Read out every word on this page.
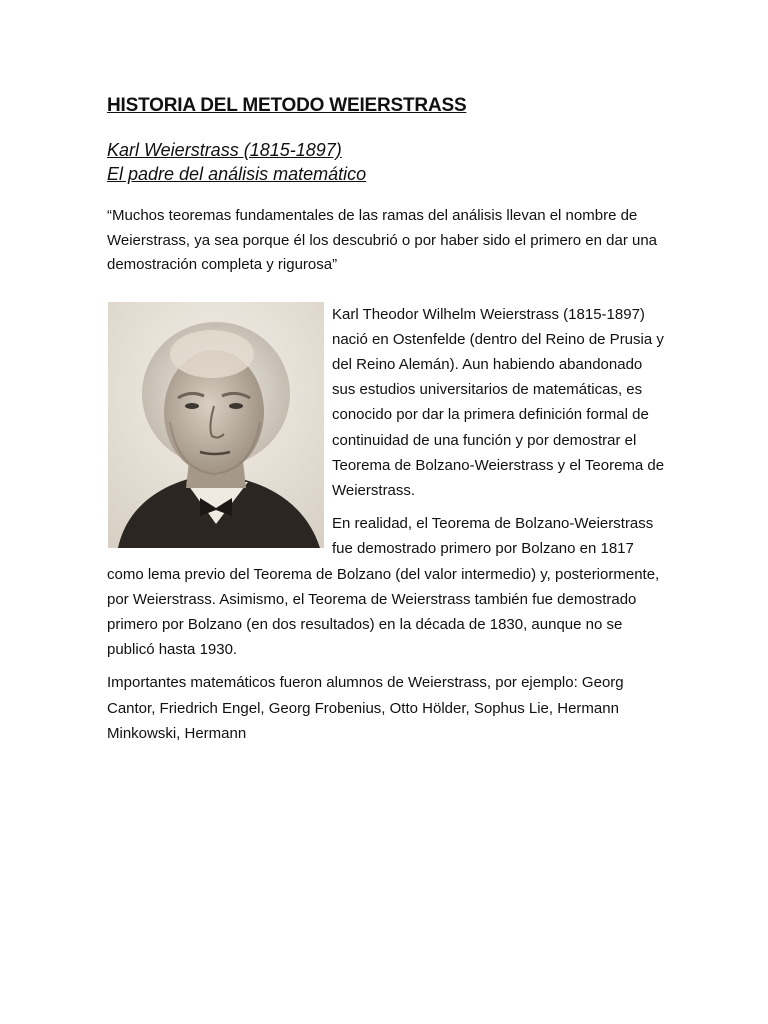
HISTORIA DEL METODO WEIERSTRASS
Karl Weierstrass (1815-1897)
El padre del análisis matemático

“Muchos teoremas fundamentales de las ramas del análisis llevan el nombre de Weierstrass, ya sea porque él los descubrió o por haber sido el primero en dar una demostración completa y rigurosa”

Karl Theodor Wilhelm Weierstrass (1815-1897) nació en Ostenfelde (dentro del Reino de Prusia y del Reino Alemán). Aun habiendo abandonado sus estudios universitarios de matemáticas, es conocido por dar la primera definición formal de continuidad de una función y por demostrar el Teorema de Bolzano-Weierstrass y el Teorema de Weierstrass.

En realidad, el Teorema de Bolzano-Weierstrass fue demostrado primero por Bolzano en 1817 como lema previo del Teorema de Bolzano (del valor intermedio) y, posteriormente, por Weierstrass. Asimismo, el Teorema de Weierstrass también fue demostrado primero por Bolzano (en dos resultados) en la década de 1830, aunque no se publicó hasta 1930.

Importantes matemáticos fueron alumnos de Weierstrass, por ejemplo: Georg Cantor, Friedrich Engel, Georg Frobenius, Otto Hölder, Sophus Lie, Hermann Minkowski, Hermann
